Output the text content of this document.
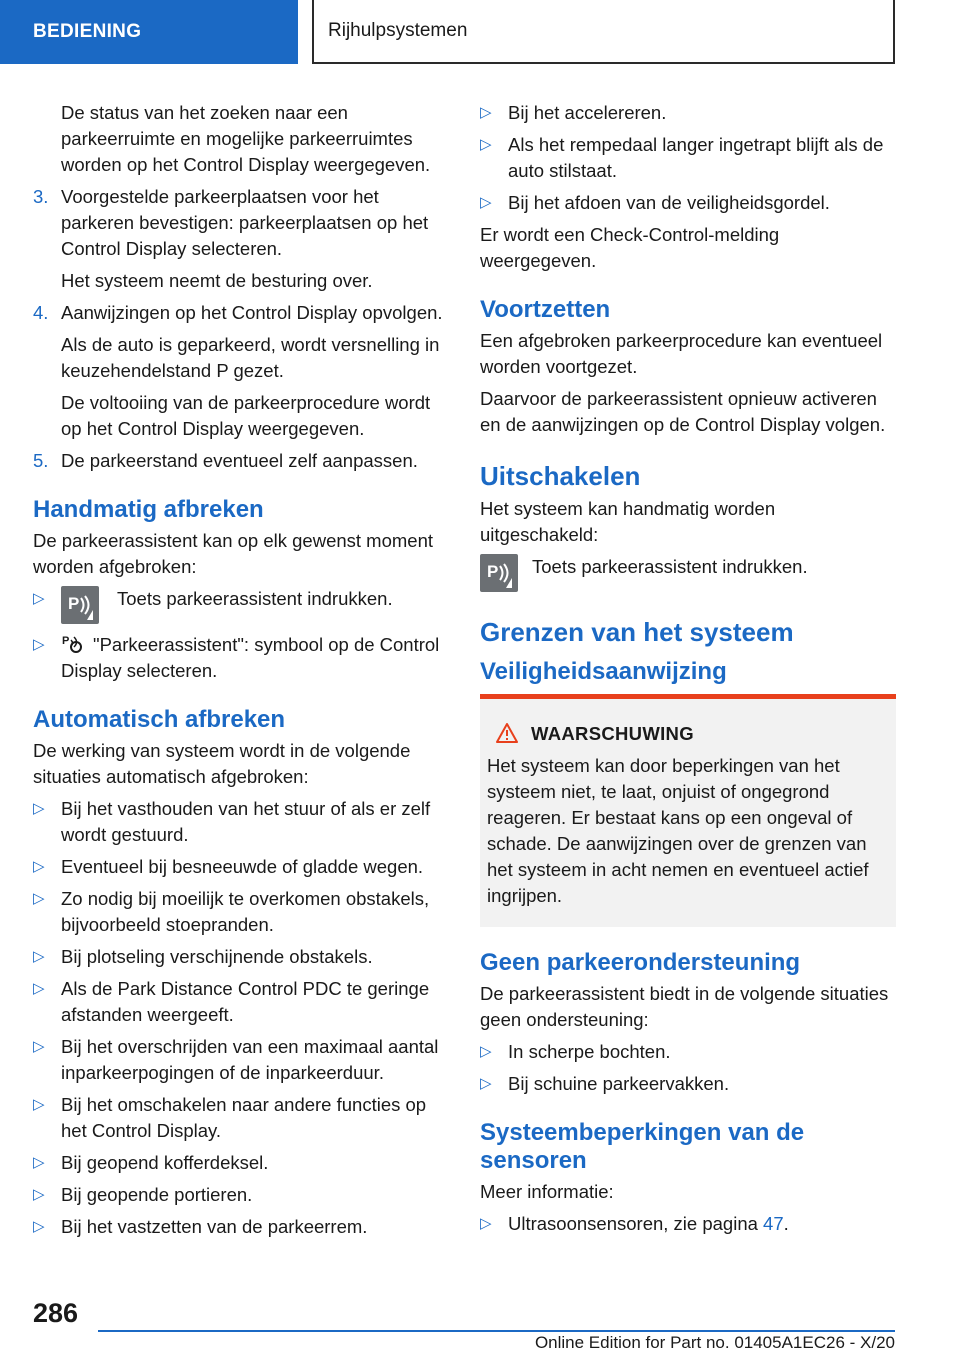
BEDIENING	Rijhulpsystemen

De status van het zoeken naar een parkeerruimte en mogelijke parkeerruimtes worden op het Control Display weergegeven.

3. Voorgestelde parkeerplaatsen voor het parkeren bevestigen: parkeerplaatsen op het Control Display selecteren.

Het systeem neemt de besturing over.

4. Aanwijzingen op het Control Display opvolgen.

Als de auto is geparkeerd, wordt versnelling in keuzehendelstand P gezet.

De voltooiing van de parkeerprocedure wordt op het Control Display weergegeven.

5. De parkeerstand eventueel zelf aanpassen.

Handmatig afbreken

De parkeerassistent kan op elk gewenst moment worden afgebroken:

▷ P Toets parkeerassistent indrukken.
▷ P "Parkeerassistent": symbool op de Control Display selecteren.
Automatisch afbreken

De werking van systeem wordt in de volgende situaties automatisch afgebroken:

▷ Bij het vasthouden van het stuur of als er zelf wordt gestuurd.
▷ Eventueel bij besneeuwde of gladde wegen.
▷ Zo nodig bij moeilijk te overkomen obstakels, bijvoorbeeld stoepranden.
▷ Bij plotseling verschijnende obstakels.
▷ Als de Park Distance Control PDC te geringe afstanden weergeeft.
▷ Bij het overschrijden van een maximaal aantal inparkeerpogingen of de inparkeerduur.
▷ Bij het omschakelen naar andere functies op het Control Display.
▷ Bij geopend kofferdeksel.
▷ Bij geopende portieren.
▷ Bij het vastzetten van de parkeerrem.
▷ Bij het accelereren.
▷ Als het rempedaal langer ingetrapt blijft als de auto stilstaat.
▷ Bij het afdoen van de veiligheidsgordel.

Er wordt een Check-Control-melding weergegeven.

Voortzetten

Een afgebroken parkeerprocedure kan eventueel worden voortgezet.

Daarvoor de parkeerassistent opnieuw activeren en de aanwijzingen op de Control Display volgen.

Uitschakelen

Het systeem kan handmatig worden uitgeschakeld:

P Toets parkeerassistent indrukken.
Grenzen van het systeem
Veiligheidsaanwijzing
WAARSCHUWING

Het systeem kan door beperkingen van het systeem niet, te laat, onjuist of ongegrond reageren. Er bestaat kans op een ongeval of schade. De aanwijzingen over de grenzen van het systeem in acht nemen en eventueel actief ingrijpen.

Geen parkeerondersteuning

De parkeerassistent biedt in de volgende situaties geen ondersteuning:

▷ In scherpe bochten.
▷ Bij schuine parkeervakken.
Systeembeperkingen van de sensoren

Meer informatie:

▷ Ultrasoonsensoren, zie pagina 47.
286
Online Edition for Part no. 01405A1EC26 - X/20
